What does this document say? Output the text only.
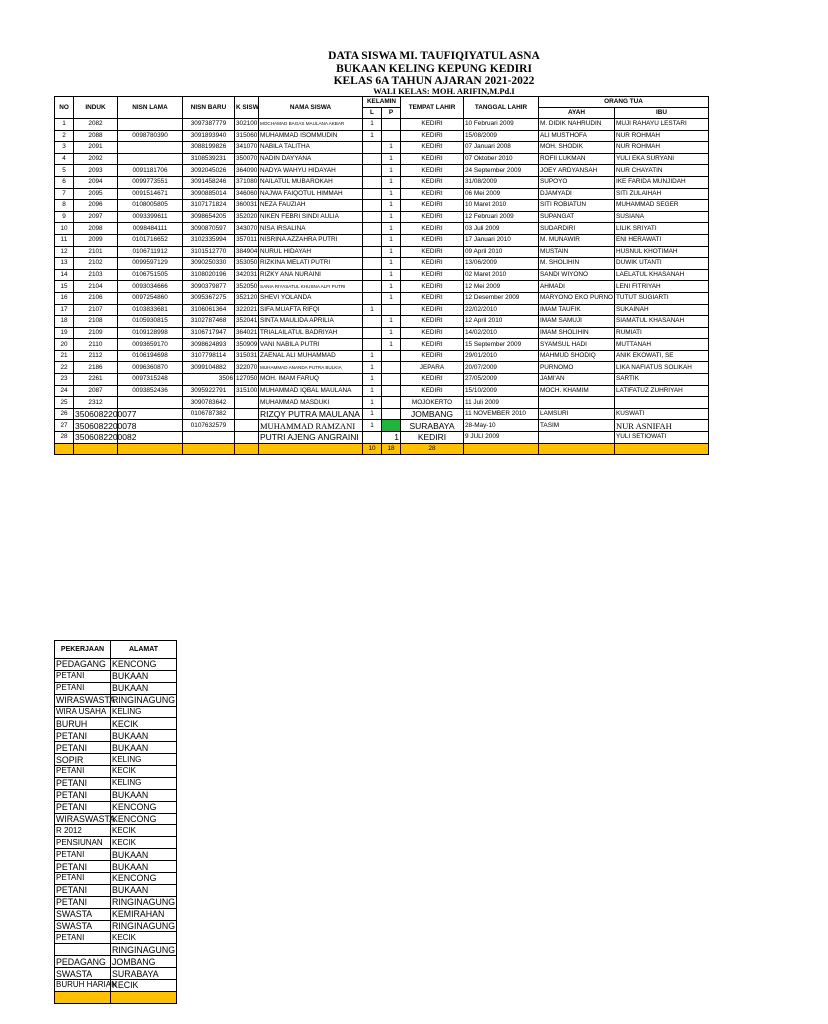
DATA SISWA MI. TAUFIQIYATUL ASNA
BUKAAN KELING KEPUNG KEDIRI
KELAS 6A TAHUN AJARAN 2021-2022
WALI KELAS: MOH. ARIFIN,M.Pd.I
NO	INDUK	NISN LAMA	NISN BARU	K SISW	NAMA SISWA	KELAMIN		TEMPAT LAHIR	TANGGAL LAHIR	ORANG TUA	
						L	P			AYAH	IBU
1	2082		3097387779	302100	MOCHAMAD BAGAS MAULANA AKBAR	1		KEDIRI	10 Februari 2009	M. DIDIK NAHRUDIN	MUJI RAHAYU LESTARI
2	2088	0098780390	3091893940	315060	MUHAMMAD ISOMMUDIN	1		KEDIRI	15/08/2009	ALI MUSTHOFA	NUR ROHMAH
3	2091		3088199826	341070	NABILA TALITHA		1	KEDIRI	07 Januari 2008	MOH. SHODIK	NUR ROHMAH
4	2092		3108539231	350070	NADIN DAYYANA		1	KEDIRI	07 Oktober 2010	ROFII LUKMAN	YULI EKA SURYANI
5	2093	0091181706	3092045026	364090	NADYA WAHYU HIDAYAH		1	KEDIRI	24 September 2009	JOEY ARDYANSAH	NUR CHAYATIN
6	2094	0099773551	3091458246	371080	NAILATUL MUBAROKAH		1	KEDIRI	31/08/2009	SUPOYO	IKE FARIDA MUNJIDAH
7	2095	0091514671	3090885014	346060	NAJWA FAIQOTUL HIMMAH		1	KEDIRI	06 Mei 2009	DJAMYADI	SITI ZULAIHAH
8	2096	0108005805	3107171824	360031	NEZA FAUZIAH		1	KEDIRI	10 Maret 2010	SITI ROBIATUN	MUHAMMAD SEGER
9	2097	0093399611	3098654205	352020	NIKEN FEBRI SINDI AULIA		1	KEDIRI	12 Februari 2009	SUPANGAT	SUSIANA
10	2098	0098484111	3090870597	343070	NISA IRSALINA		1	KEDIRI	03 Juli 2009	SUDARDIRI	LILIK SRIYATI
11	2099	0101716652	3102335994	357011	NISRINA AZZAHRA PUTRI		1	KEDIRI	17 Januari 2010	M. MUNAWIR	ENI HERAWATI
12	2101	0106711912	3101512770	384904	NURUL HIDAYAH		1	KEDIRI	09 April 2010	MUSTAIN	HUSNUL KHOTIMAH
13	2102	0099597129	3090250330	353050	RIZKINA MELATI PUTRI		1	KEDIRI	13/06/2009	M. SHOLIHIN	DUWIK UTANTI
14	2103	0106751505	3108020196	342031	RIZKY ANA NURAINI		1	KEDIRI	02 Maret 2010	SANDI WIYONO	LAELATUL KHASANAH
15	2104	0093034666	3090379877	352050	SANIA RIYASATUL KHUSNA ALFI PUTRI		1	KEDIRI	12 Mei 2009	AHMADI	LENI FITRIYAH
16	2106	0097254860	3095367275	352120	SHEVI YOLANDA		1	KEDIRI	12 Desember 2009	MARYONO EKO PURNO	TUTUT SUGIARTI
17	2107	0103833681	3106061364	322021	SIFA MUAFTA RIFQI	1		KEDIRI	22/02/2010	IMAM TAUFIK	SUKAINAH
18	2108	0105930815	3102787468	352041	SINTA MAULIDA APRILIA		1	KEDIRI	12 April 2010	IMAM SAMUJI	SIAMATUL KHASANAH
19	2109	0109128998	3106717947	364021	TRIALAILATUL BADRIYAH		1	KEDIRI	14/02/2010	IMAM SHOLIHIN	RUMIATI
20	2110	0093659170	3098624893	350909	VANI NABILA PUTRI		1	KEDIRI	15 September 2009	SYAMSUL HADI	MUTTANAH
21	2112	0106194698	3107798114	315031	ZAENAL ALI MUHAMMAD	1		KEDIRI	29/01/2010	MAHMUD SHODIQ	ANIK EKOWATI, SE
22	2186	0096360870	3099104882	322070	MUHAMMAD ANANDA PUTRA BULKIA	1		JEPARA	20/07/2009	PURNOMO	LIKA NAFIATUS SOLIKAH
23	2261	0097315248	3506	127050	MOH. IMAM FARUQ	1		KEDIRI	27/05/2009	JAMI'AN	SARTIK
24	2087	0093852436	3095922791	315100	MUHAMMAD IQBAL MAULANA	1		KEDIRI	15/10/2009	MOCH. KHAMIM	LATIFATUZ ZUHRIYAH
25	2312		3090783642		MUHAMMAD MASDUKI	1		MOJOKERTO	11 Juli 2009		
26	3506082200077		0106787382		RIZQY PUTRA MAULANA	1		JOMBANG	11 NOVEMBER 2010	LAMSURI	KUSWATI
27	3506082200078		0107632579		MUHAMMAD RAMZANI	1		SURABAYA	28-May-10	TASIM	NUR ASNIFAH
28	3506082200082				PUTRI AJENG ANGRAINI		1	KEDIRI	9 JULI 2009		YULI SETIOWATI
						10	18	28			
PEKERJAAN	ALAMAT
PEDAGANG	KENCONG
PETANI	BUKAAN
PETANI	BUKAAN
WIRASWASTA	RINGINAGUNG
WIRA USAHA	KELING
BURUH	KECIK
PETANI	BUKAAN
PETANI	BUKAAN
SOPIR	KELING
PETANI	KECIK
PETANI	KELING
PETANI	BUKAAN
PETANI	KENCONG
WIRASWASTA	KENCONG
R 2012	KECIK
PENSIUNAN	KECIK
PETANI	BUKAAN
PETANI	BUKAAN
PETANI	KENCONG
PETANI	BUKAAN
PETANI	RINGINAGUNG
SWASTA	KEMIRAHAN
SWASTA	RINGINAGUNG
PETANI	KECIK
	RINGINAGUNG
PEDAGANG	JOMBANG
SWASTA	SURABAYA
BURUH HARIAN	KECIK
